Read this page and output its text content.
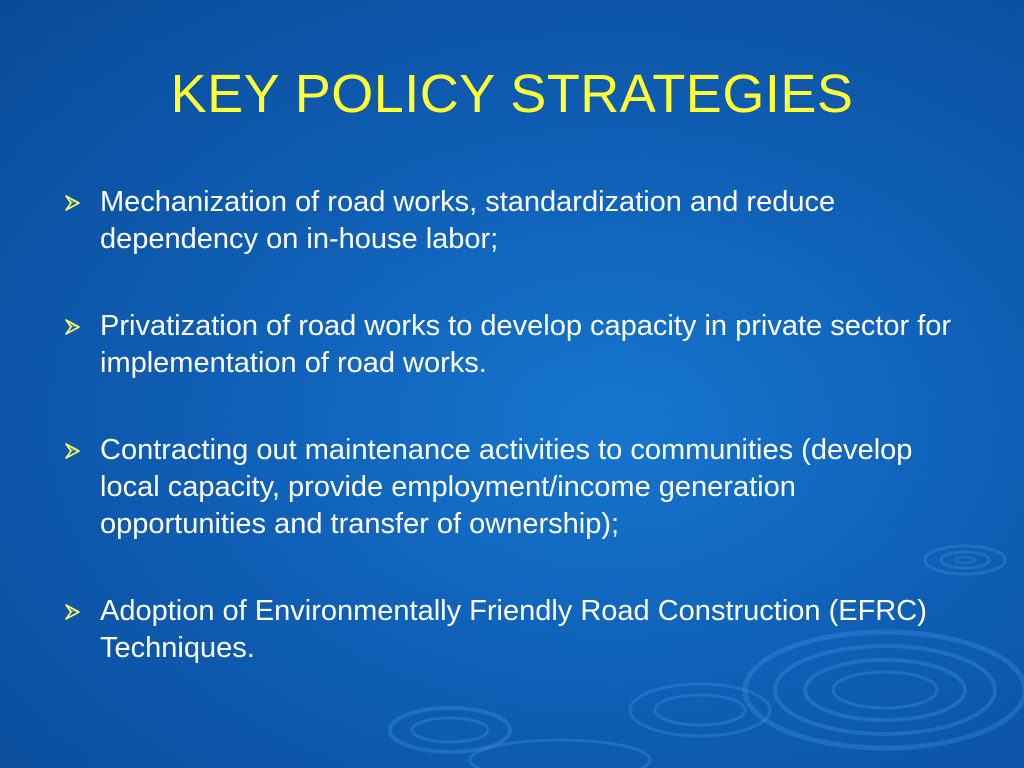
KEY POLICY STRATEGIES
Mechanization of road works, standardization and reduce dependency on in-house labor;
Privatization of road works to develop capacity in private sector for implementation of road works.
Contracting out maintenance activities to communities (develop local capacity, provide employment/income generation opportunities and transfer of ownership);
Adoption of Environmentally Friendly Road Construction (EFRC) Techniques.
